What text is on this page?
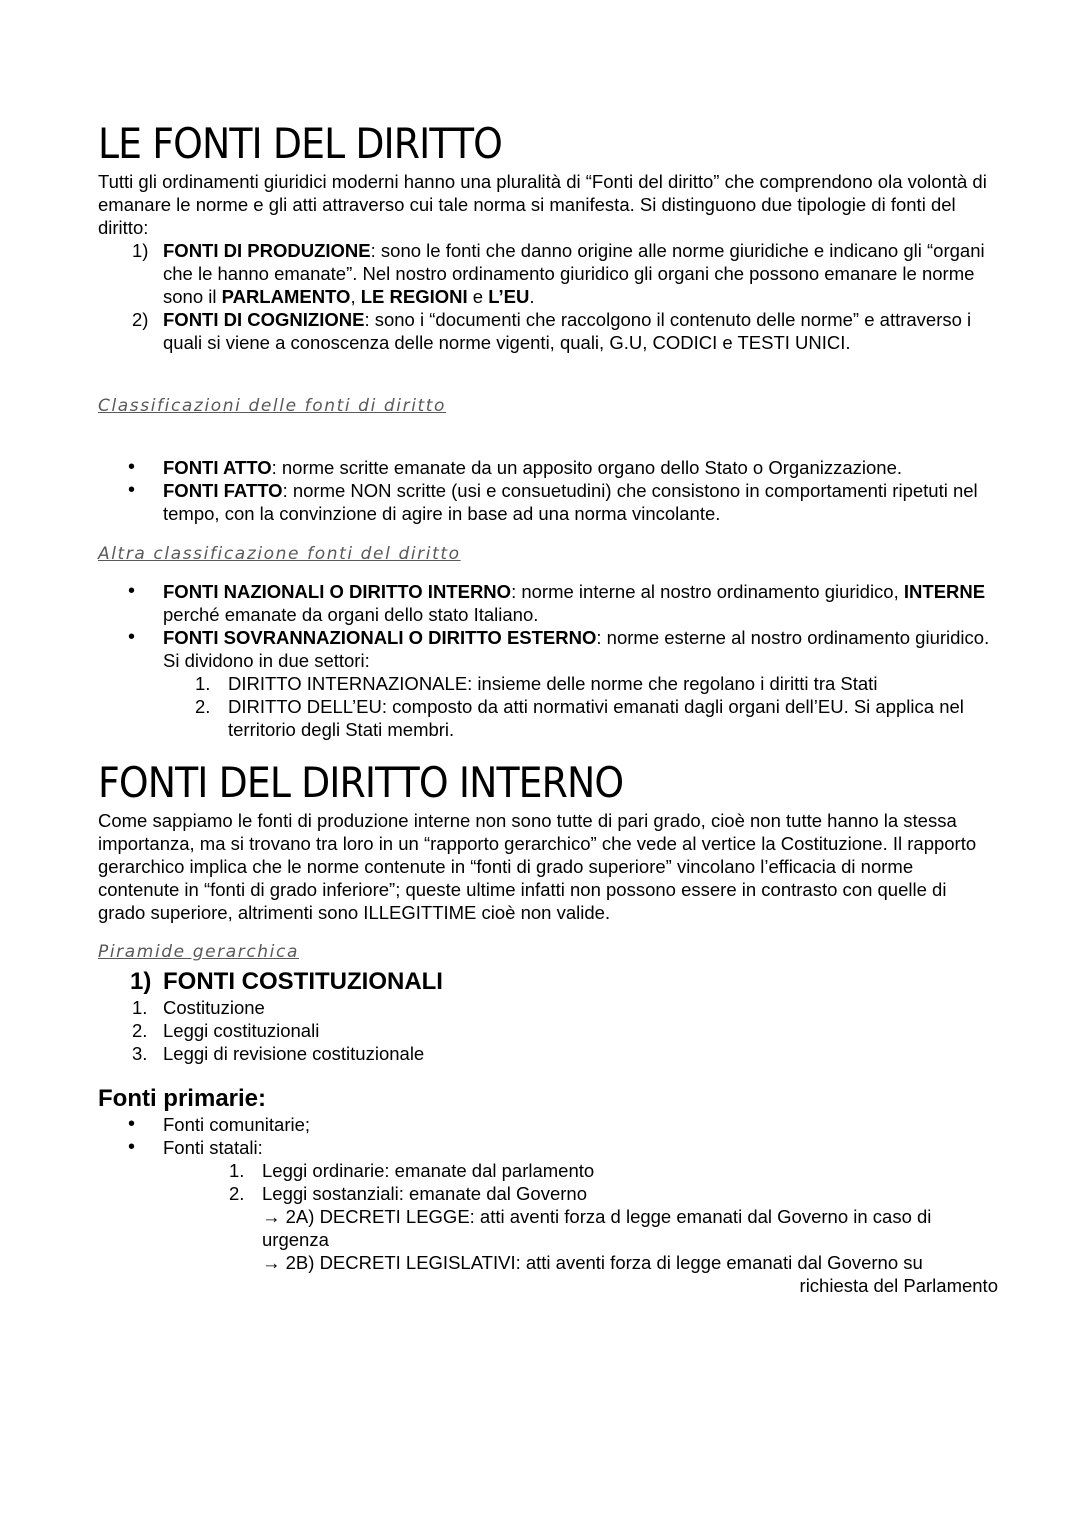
LE FONTI DEL DIRITTO

Tutti gli ordinamenti giuridici moderni hanno una pluralità di “Fonti del diritto” che comprendono ola volontà di emanare le norme e gli atti attraverso cui tale norma si manifesta. Si distinguono due tipologie di fonti del diritto:

1) FONTI DI PRODUZIONE: sono le fonti che danno origine alle norme giuridiche e indicano gli “organi che le hanno emanate”. Nel nostro ordinamento giuridico gli organi che possono emanare le norme sono il PARLAMENTO, LE REGIONI e L’EU.
2) FONTI DI COGNIZIONE: sono i “documenti che raccolgono il contenuto delle norme” e attraverso i quali si viene a conoscenza delle norme vigenti, quali, G.U, CODICI e TESTI UNICI.

Classificazioni delle fonti di diritto

• FONTI ATTO: norme scritte emanate da un apposito organo dello Stato o Organizzazione.
• FONTI FATTO: norme NON scritte (usi e consuetudini) che consistono in comportamenti ripetuti nel tempo, con la convinzione di agire in base ad una norma vincolante.

Altra classificazione fonti del diritto

• FONTI NAZIONALI O DIRITTO INTERNO: norme interne al nostro ordinamento giuridico, INTERNE perché emanate da organi dello stato Italiano.
• FONTI SOVRANNAZIONALI O DIRITTO ESTERNO: norme esterne al nostro ordinamento giuridico. Si dividono in due settori:
1. DIRITTO INTERNAZIONALE: insieme delle norme che regolano i diritti tra Stati
2. DIRITTO DELL’EU: composto da atti normativi emanati dagli organi dell’EU. Si applica nel territorio degli Stati membri.
FONTI DEL DIRITTO INTERNO

Come sappiamo le fonti di produzione interne non sono tutte di pari grado, cioè non tutte hanno la stessa importanza, ma si trovano tra loro in un “rapporto gerarchico” che vede al vertice la Costituzione. Il rapporto gerarchico implica che le norme contenute in “fonti di grado superiore” vincolano l’efficacia di norme contenute in “fonti di grado inferiore”; queste ultime infatti non possono essere in contrasto con quelle di grado superiore, altrimenti sono ILLEGITTIME cioè non valide.

Piramide gerarchica

1) FONTI COSTITUZIONALI
1. Costituzione
2. Leggi costituzionali
3. Leggi di revisione costituzionale
Fonti primarie:
• Fonti comunitarie;
• Fonti statali:
1. Leggi ordinarie: emanate dal parlamento
2. Leggi sostanziali: emanate dal Governo
→ 2A) DECRETI LEGGE: atti aventi forza d legge emanati dal Governo in caso di urgenza
→ 2B) DECRETI LEGISLATIVI: atti aventi forza di legge emanati dal Governo su
richiesta del Parlamento
